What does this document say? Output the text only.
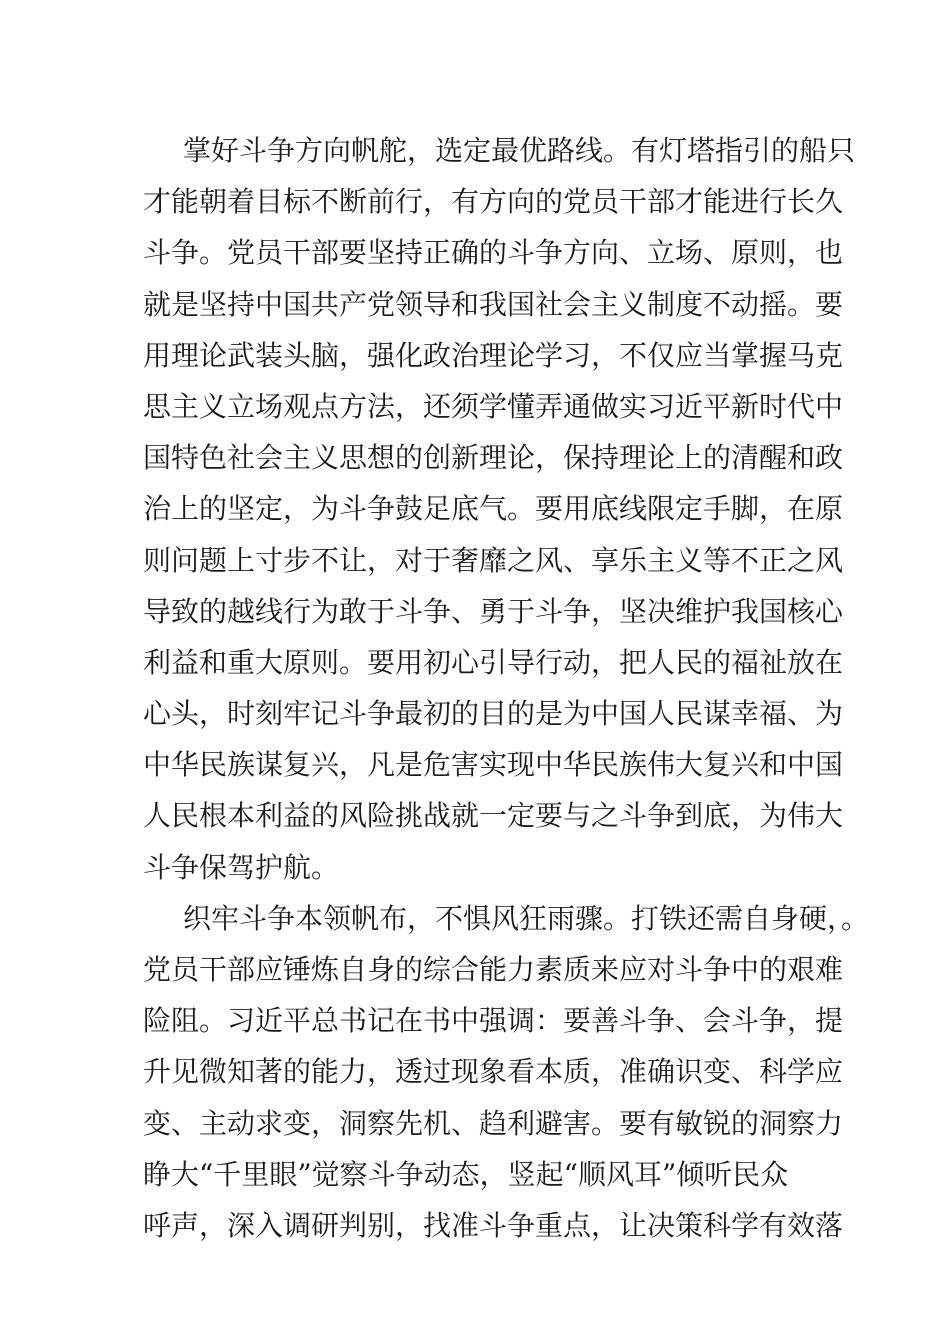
掌好斗争方向帆舵，选定最优路线。有灯塔指引的船只
才能朝着目标不断前行，有方向的党员干部才能进行长久
斗争。党员干部要坚持正确的斗争方向、立场、原则，也
就是坚持中国共产党领导和我国社会主义制度不动摇。要
用理论武装头脑，强化政治理论学习，不仅应当掌握马克
思主义立场观点方法，还须学懂弄通做实习近平新时代中
国特色社会主义思想的创新理论，保持理论上的清醒和政
治上的坚定，为斗争鼓足底气。要用底线限定手脚，在原
则问题上寸步不让，对于奢靡之风、享乐主义等不正之风
导致的越线行为敢于斗争、勇于斗争，坚决维护我国核心
利益和重大原则。要用初心引导行动，把人民的福祉放在
心头，时刻牢记斗争最初的目的是为中国人民谋幸福、为
中华民族谋复兴，凡是危害实现中华民族伟大复兴和中国
人民根本利益的风险挑战就一定要与之斗争到底，为伟大
斗争保驾护航。
织牢斗争本领帆布，不惧风狂雨骤。打铁还需自身硬，。
党员干部应锤炼自身的综合能力素质来应对斗争中的艰难
险阻。习近平总书记在书中强调：要善斗争、会斗争，提
升见微知著的能力，透过现象看本质，准确识变、科学应
变、主动求变，洞察先机、趋利避害。要有敏锐的洞察力
睁大“千里眼”觉察斗争动态，竖起“顺风耳”倾听民众
呼声，深入调研判别，找准斗争重点，让决策科学有效落
